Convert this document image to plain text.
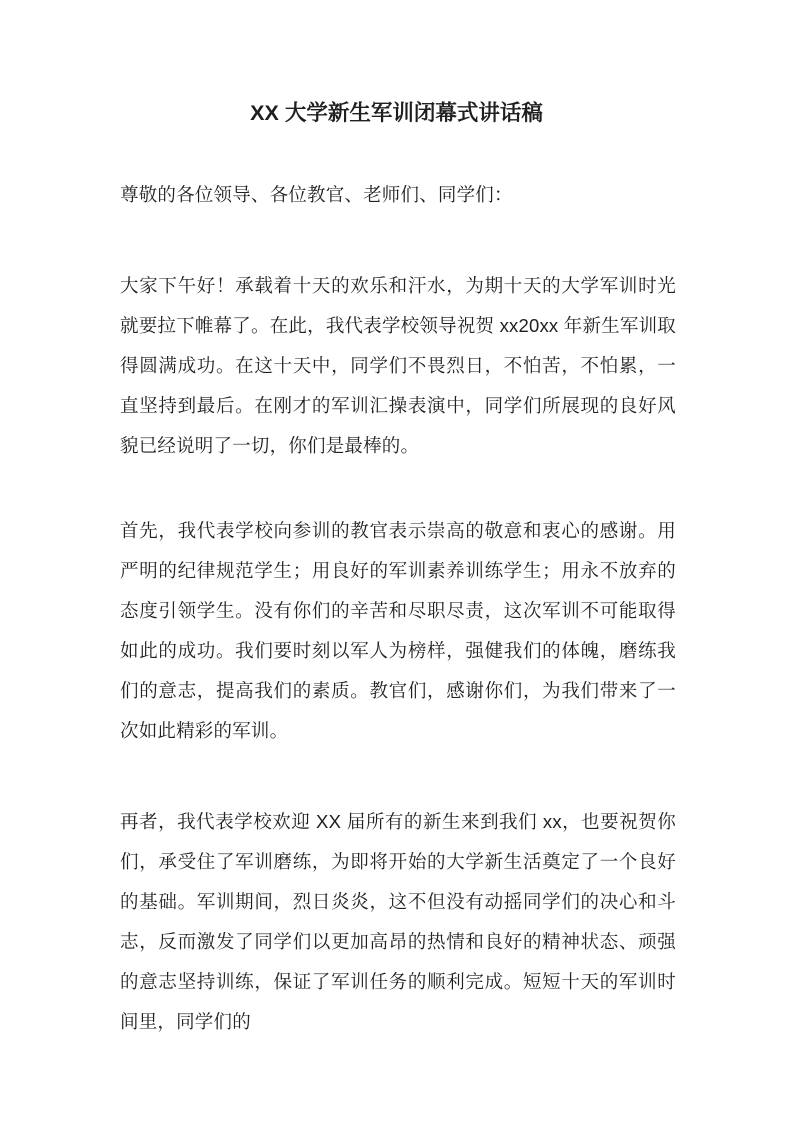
XX 大学新生军训闭幕式讲话稿

尊敬的各位领导、各位教官、老师们、同学们：

大家下午好！承载着十天的欢乐和汗水，为期十天的大学军训时光就要拉下帷幕了。在此，我代表学校领导祝贺 xx20xx 年新生军训取得圆满成功。在这十天中，同学们不畏烈日，不怕苦，不怕累，一直坚持到最后。在刚才的军训汇操表演中，同学们所展现的良好风貌已经说明了一切，你们是最棒的。

首先，我代表学校向参训的教官表示崇高的敬意和衷心的感谢。用严明的纪律规范学生；用良好的军训素养训练学生；用永不放弃的态度引领学生。没有你们的辛苦和尽职尽责，这次军训不可能取得如此的成功。我们要时刻以军人为榜样，强健我们的体魄，磨练我们的意志，提高我们的素质。教官们，感谢你们，为我们带来了一次如此精彩的军训。

再者，我代表学校欢迎 XX 届所有的新生来到我们 xx，也要祝贺你们，承受住了军训磨练，为即将开始的大学新生活奠定了一个良好的基础。军训期间，烈日炎炎，这不但没有动摇同学们的决心和斗志，反而激发了同学们以更加高昂的热情和良好的精神状态、顽强的意志坚持训练，保证了军训任务的顺利完成。短短十天的军训时间里，同学们的
